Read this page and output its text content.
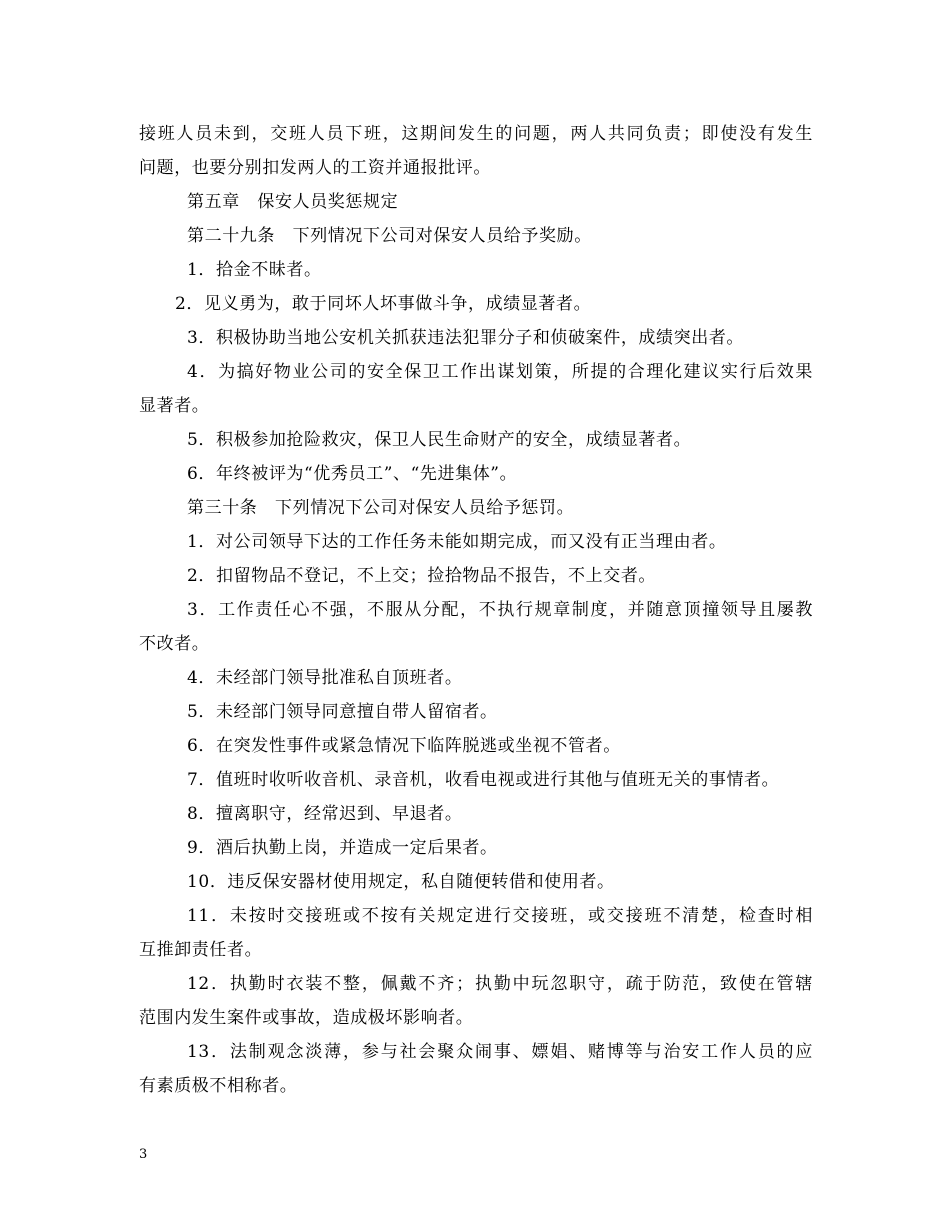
接班人员未到，交班人员下班，这期间发生的问题，两人共同负责；即使没有发生
问题，也要分别扣发两人的工资并通报批评。
第五章　保安人员奖惩规定
第二十九条　下列情况下公司对保安人员给予奖励。
1．拾金不昧者。
2．见义勇为，敢于同坏人坏事做斗争，成绩显著者。
3．积极协助当地公安机关抓获违法犯罪分子和侦破案件，成绩突出者。
4．为搞好物业公司的安全保卫工作出谋划策，所提的合理化建议实行后效果
显著者。
5．积极参加抢险救灾，保卫人民生命财产的安全，成绩显著者。
6．年终被评为“优秀员工”、“先进集体”。
第三十条　下列情况下公司对保安人员给予惩罚。
1．对公司领导下达的工作任务未能如期完成，而又没有正当理由者。
2．扣留物品不登记，不上交；捡拾物品不报告，不上交者。
3．工作责任心不强，不服从分配，不执行规章制度，并随意顶撞领导且屡教
不改者。
4．未经部门领导批准私自顶班者。
5．未经部门领导同意擅自带人留宿者。
6．在突发性事件或紧急情况下临阵脱逃或坐视不管者。
7．值班时收听收音机、录音机，收看电视或进行其他与值班无关的事情者。
8．擅离职守，经常迟到、早退者。
9．酒后执勤上岗，并造成一定后果者。
10．违反保安器材使用规定，私自随便转借和使用者。
11．未按时交接班或不按有关规定进行交接班，或交接班不清楚，检查时相
互推卸责任者。
12．执勤时衣装不整，佩戴不齐；执勤中玩忽职守，疏于防范，致使在管辖
范围内发生案件或事故，造成极坏影响者。
13．法制观念淡薄，参与社会聚众闹事、嫖娼、赌博等与治安工作人员的应
有素质极不相称者。
3
